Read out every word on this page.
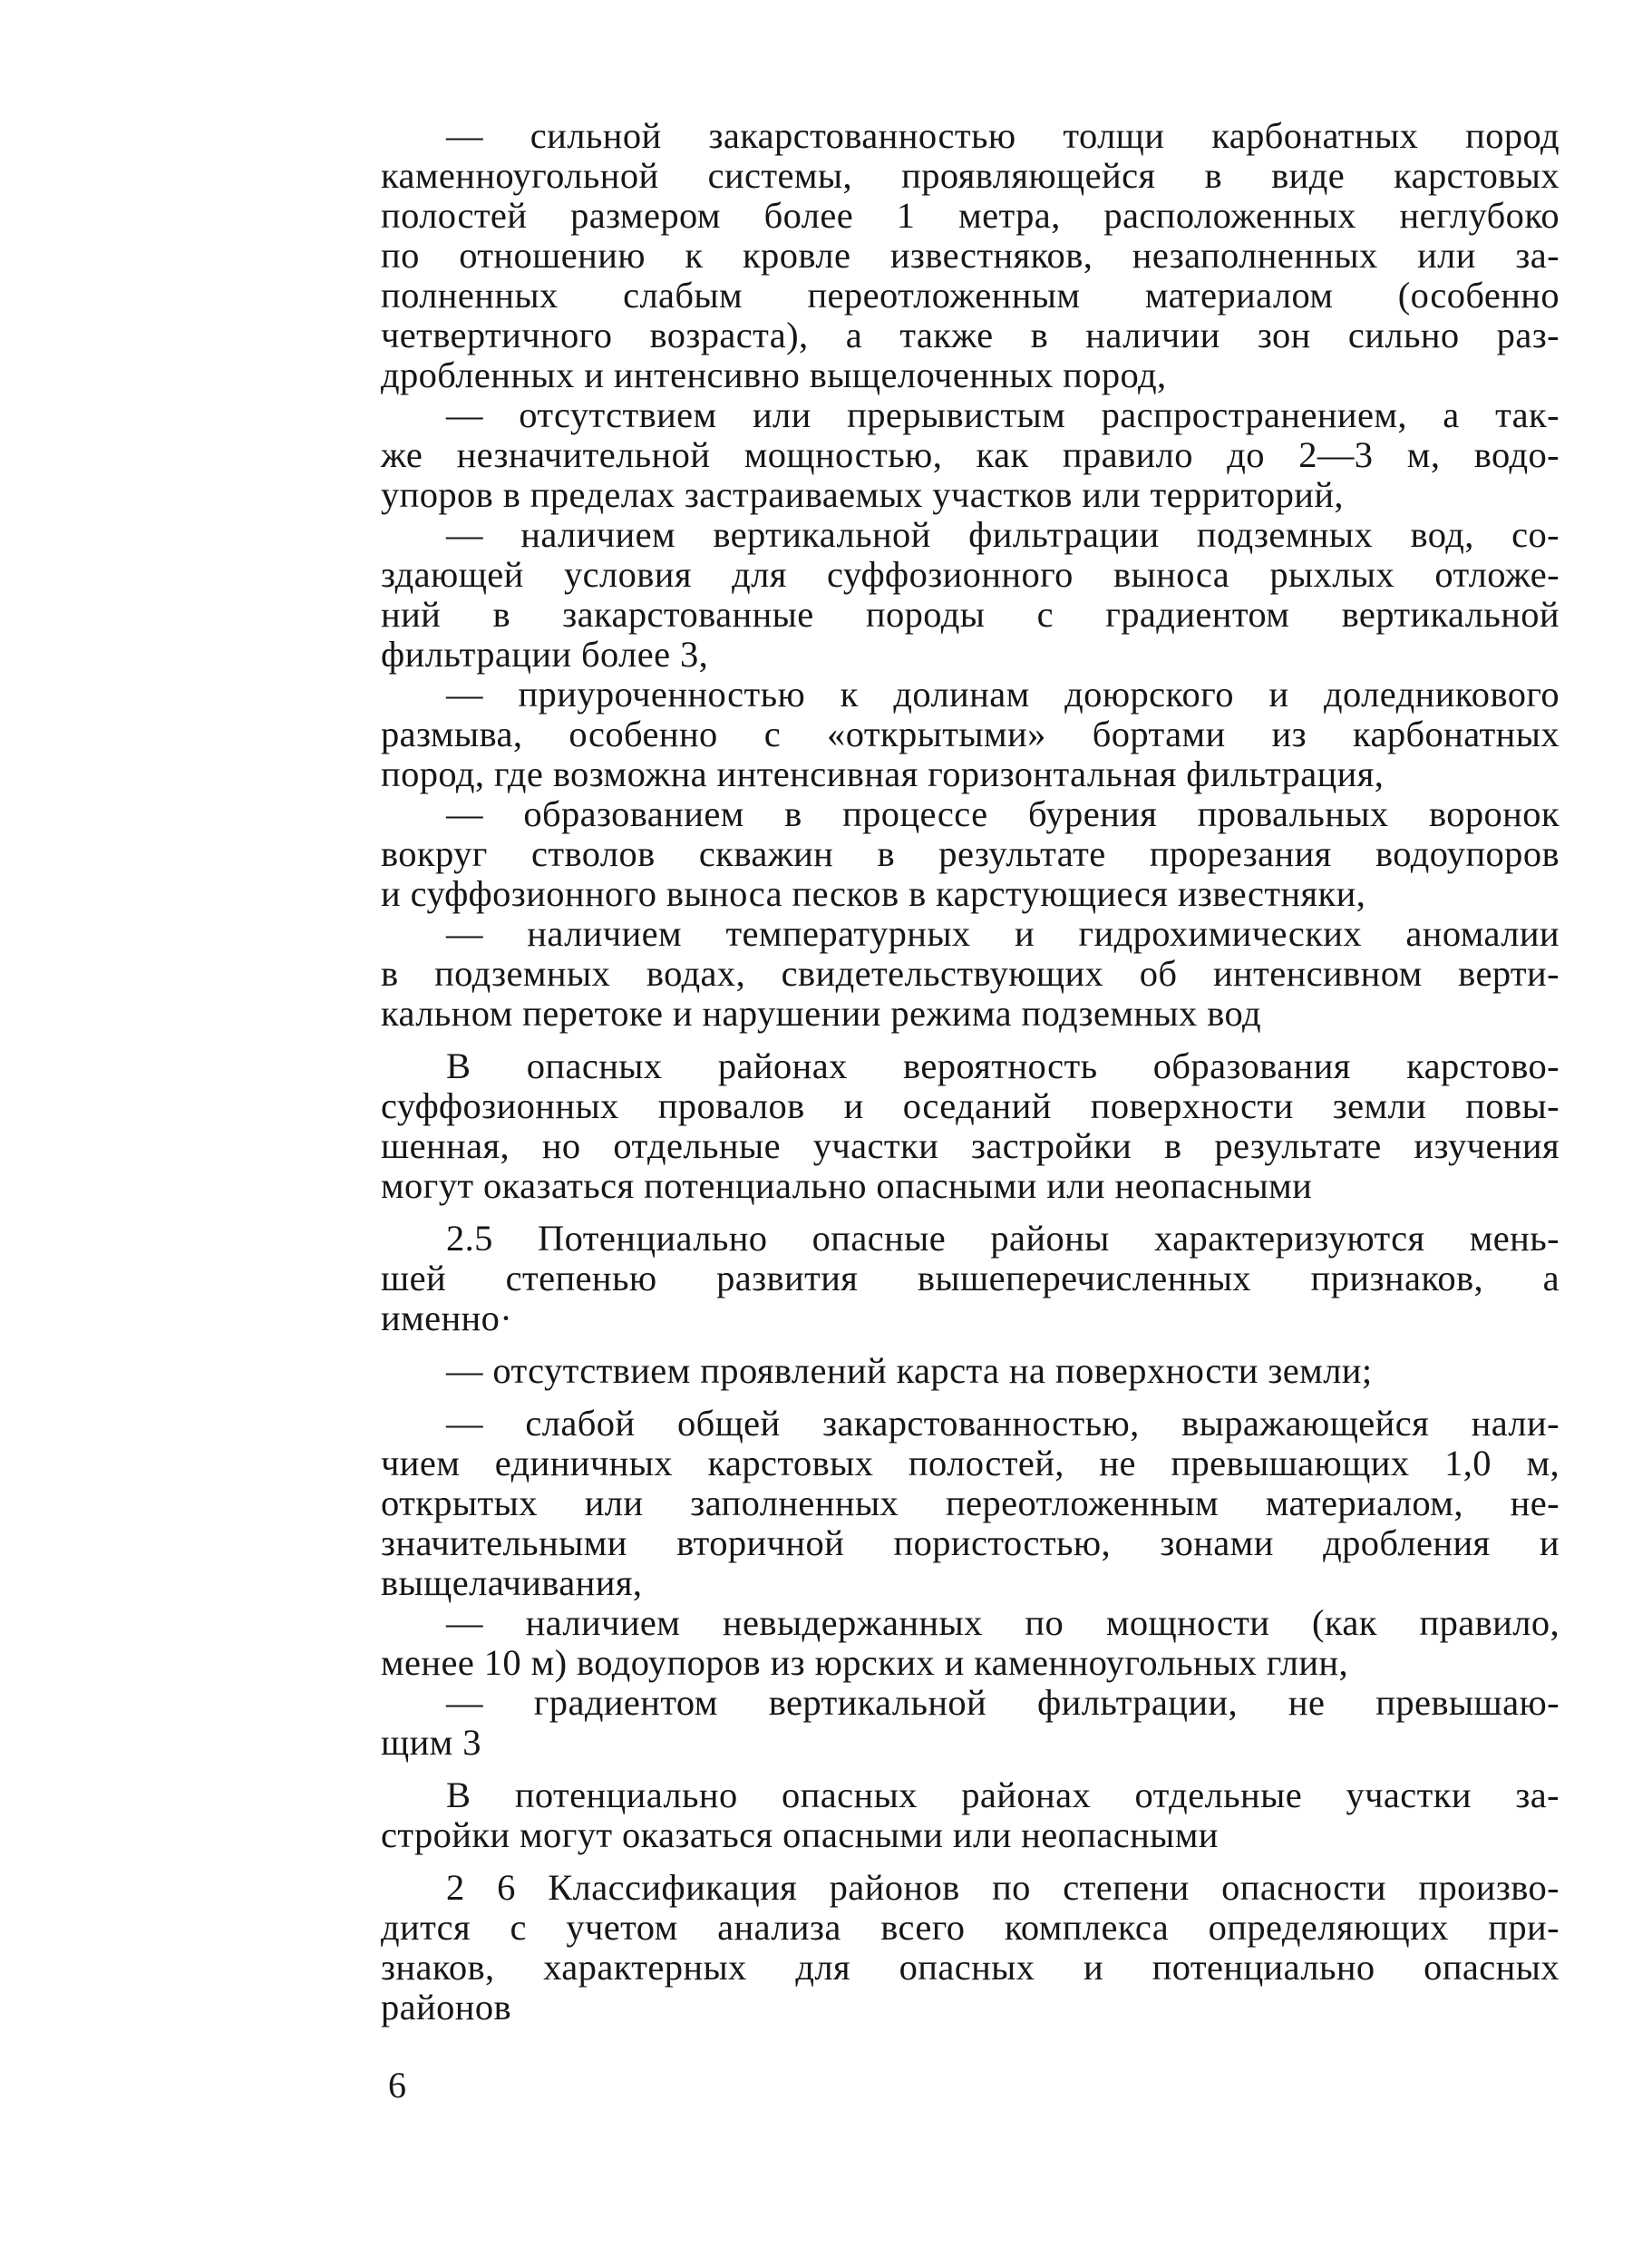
— сильной закарстованностью толщи карбонатных пород
каменноугольной системы, проявляющейся в виде карстовых
полостей размером более 1 метра, расположенных неглубоко
по отношению к кровле известняков, незаполненных или за-
полненных слабым переотложенным материалом (особенно
четвертичного возраста), а также в наличии зон сильно раз-
дробленных и интенсивно выщелоченных пород,
— отсутствием или прерывистым распространением, а так-
же незначительной мощностью, как правило до 2—3 м, водо-
упоров в пределах застраиваемых участков или территорий,
— наличием вертикальной фильтрации подземных вод, со-
здающей условия для суффозионного выноса рыхлых отложе-
ний в закарстованные породы с градиентом вертикальной
фильтрации более 3,
— приуроченностью к долинам доюрского и доледникового
размыва, особенно с «открытыми» бортами из карбонатных
пород, где возможна интенсивная горизонтальная фильтрация,
— образованием в процессе бурения провальных воронок
вокруг стволов скважин в результате прорезания водоупоров
и суффозионного выноса песков в карстующиеся известняки,
— наличием температурных и гидрохимических аномалии
в подземных водах, свидетельствующих об интенсивном верти-
кальном перетоке и нарушении режима подземных вод
В опасных районах вероятность образования карстово-
суффозионных провалов и оседаний поверхности земли повы-
шенная, но отдельные участки застройки в результате изучения
могут оказаться потенциально опасными или неопасными
2.5 Потенциально опасные районы характеризуются мень-
шей степенью развития вышеперечисленных признаков, а
именно·
— отсутствием проявлений карста на поверхности земли;
— слабой общей закарстованностью, выражающейся нали-
чием единичных карстовых полостей, не превышающих 1,0 м,
открытых или заполненных переотложенным материалом, не-
значительными вторичной пористостью, зонами дробления и
выщелачивания,
— наличием невыдержанных по мощности (как правило,
менее 10 м) водоупоров из юрских и каменноугольных глин,
— градиентом вертикальной фильтрации, не превышаю-
щим 3
В потенциально опасных районах отдельные участки за-
стройки могут оказаться опасными или неопасными
2 6 Классификация районов по степени опасности произво-
дится с учетом анализа всего комплекса определяющих при-
знаков, характерных для опасных и потенциально опасных
районов
6
